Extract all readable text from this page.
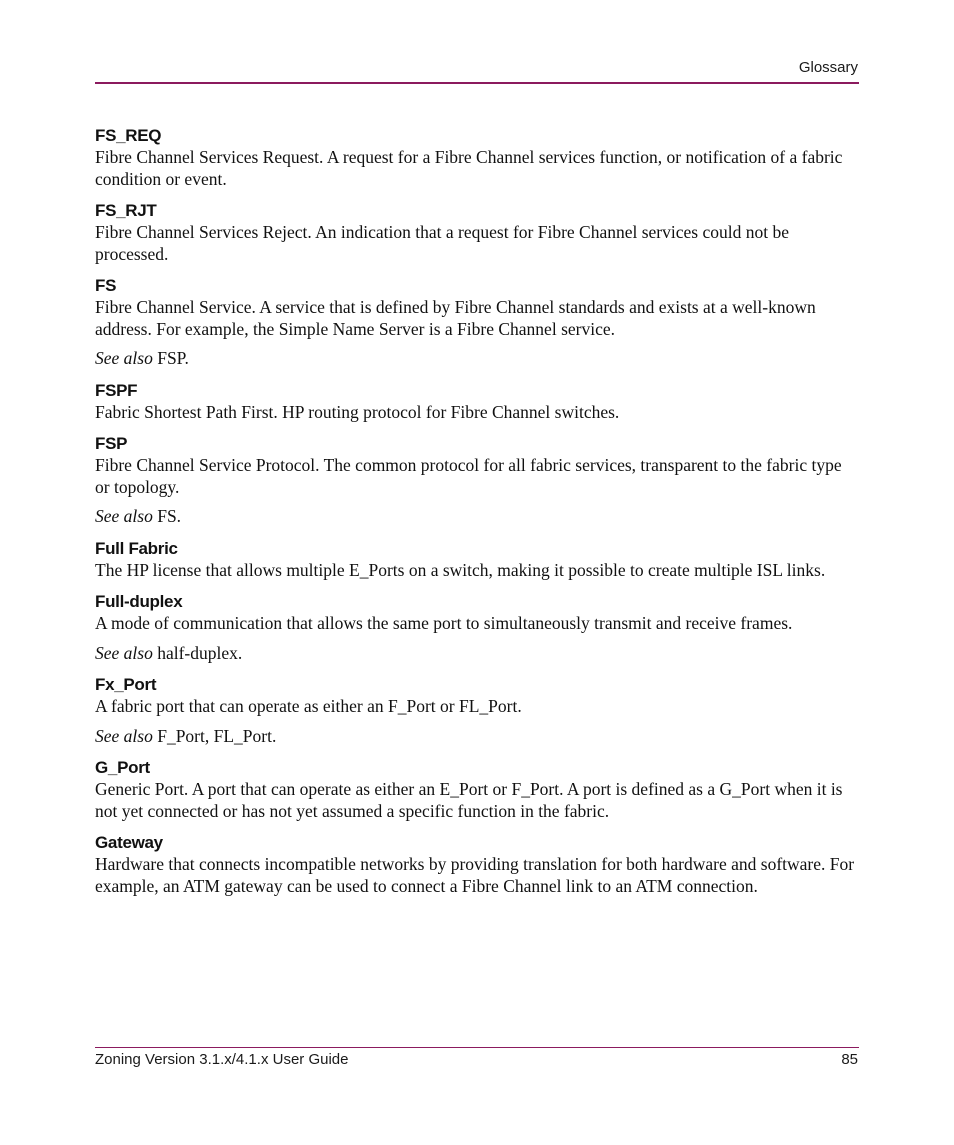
Glossary
FS_REQ

Fibre Channel Services Request. A request for a Fibre Channel services function, or notification of a fabric condition or event.

FS_RJT

Fibre Channel Services Reject. An indication that a request for Fibre Channel services could not be processed.

FS

Fibre Channel Service. A service that is defined by Fibre Channel standards and exists at a well-known address. For example, the Simple Name Server is a Fibre Channel service.

See also FSP.

FSPF

Fabric Shortest Path First. HP routing protocol for Fibre Channel switches.

FSP

Fibre Channel Service Protocol. The common protocol for all fabric services, transparent to the fabric type or topology.

See also FS.

Full Fabric

The HP license that allows multiple E_Ports on a switch, making it possible to create multiple ISL links.

Full-duplex

A mode of communication that allows the same port to simultaneously transmit and receive frames.

See also half-duplex.

Fx_Port

A fabric port that can operate as either an F_Port or FL_Port.

See also F_Port, FL_Port.

G_Port

Generic Port. A port that can operate as either an E_Port or F_Port. A port is defined as a G_Port when it is not yet connected or has not yet assumed a specific function in the fabric.

Gateway

Hardware that connects incompatible networks by providing translation for both hardware and software. For example, an ATM gateway can be used to connect a Fibre Channel link to an ATM connection.

Zoning Version 3.1.x/4.1.x User Guide	85
